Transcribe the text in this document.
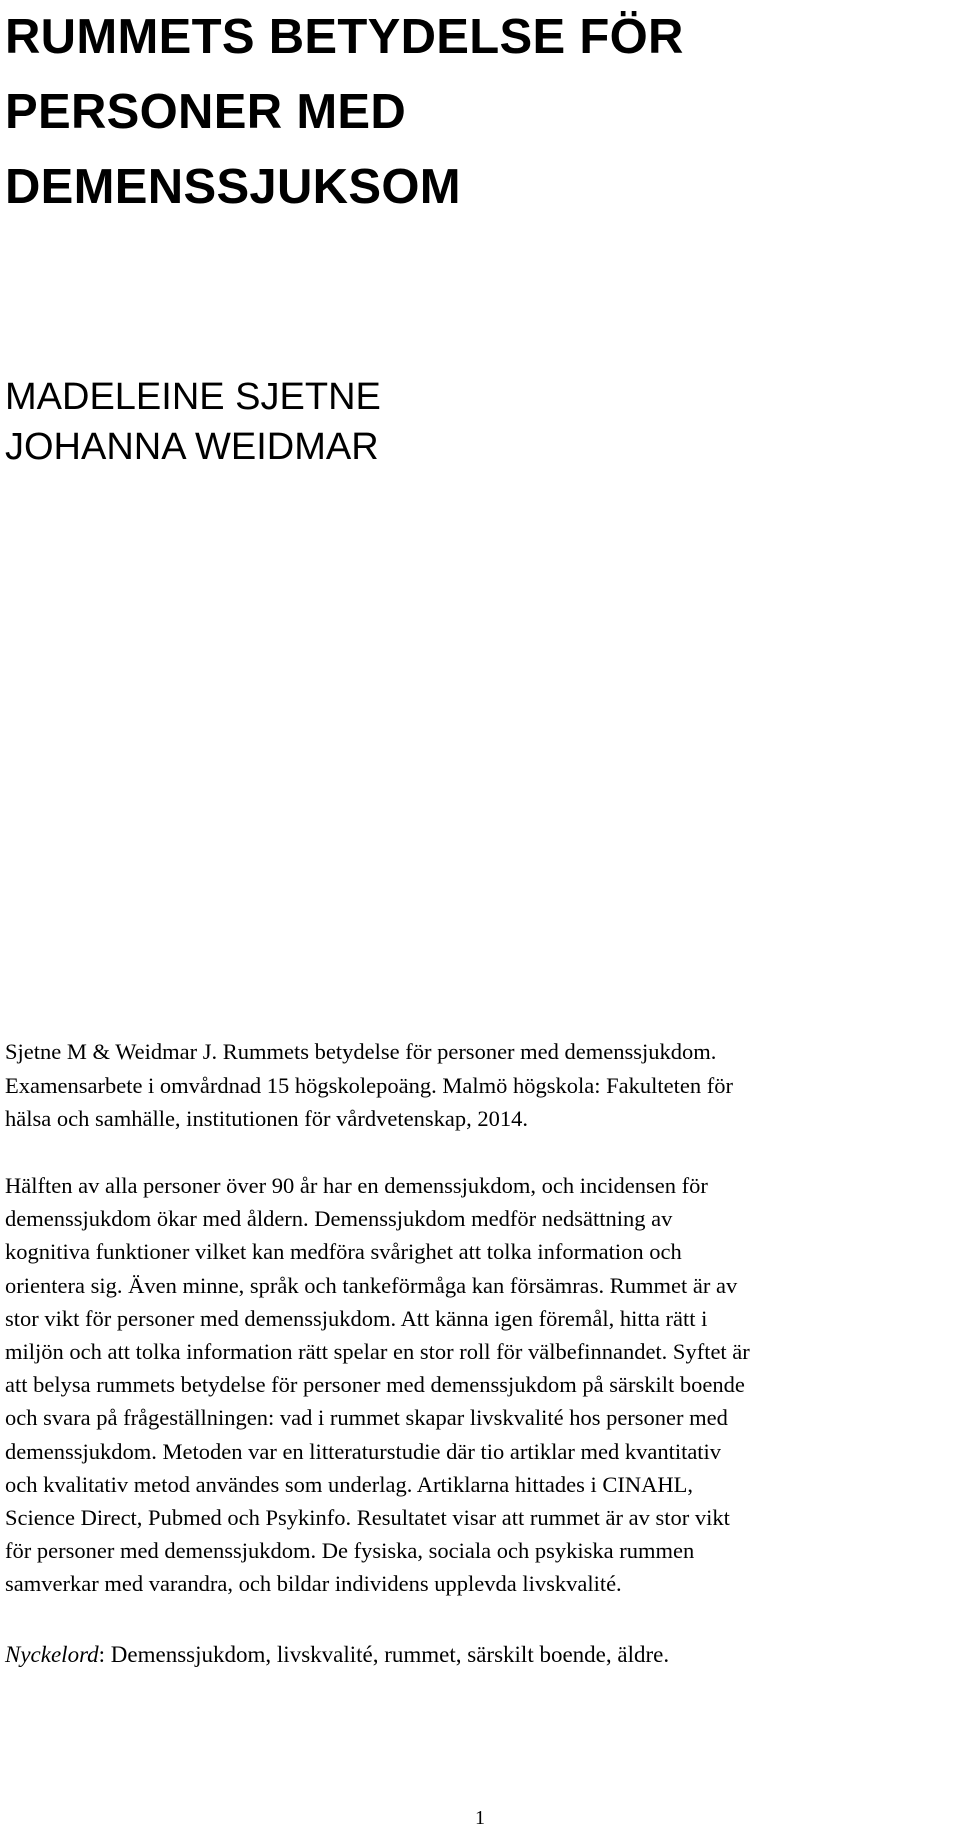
RUMMETS BETYDELSE FÖR
PERSONER MED
DEMENSSJUKSOM
MADELEINE SJETNE
JOHANNA WEIDMAR
Sjetne M & Weidmar J. Rummets betydelse för personer med demenssjukdom.
Examensarbete i omvårdnad 15 högskolepoäng. Malmö högskola: Fakulteten för
hälsa och samhälle, institutionen för vårdvetenskap, 2014.
Hälften av alla personer över 90 år har en demenssjukdom, och incidensen för
demenssjukdom ökar med åldern. Demenssjukdom medför nedsättning av
kognitiva funktioner vilket kan medföra svårighet att tolka information och
orientera sig. Även minne, språk och tankeförmåga kan försämras. Rummet är av
stor vikt för personer med demenssjukdom. Att känna igen föremål, hitta rätt i
miljön och att tolka information rätt spelar en stor roll för välbefinnandet. Syftet är
att belysa rummets betydelse för personer med demenssjukdom på särskilt boende
och svara på frågeställningen: vad i rummet skapar livskvalité hos personer med
demenssjukdom. Metoden var en litteraturstudie där tio artiklar med kvantitativ
och kvalitativ metod användes som underlag. Artiklarna hittades i CINAHL,
Science Direct, Pubmed och Psykinfo. Resultatet visar att rummet är av stor vikt
för personer med demenssjukdom. De fysiska, sociala och psykiska rummen
samverkar med varandra, och bildar individens upplevda livskvalité.
Nyckelord: Demenssjukdom, livskvalité, rummet, särskilt boende, äldre.
1
